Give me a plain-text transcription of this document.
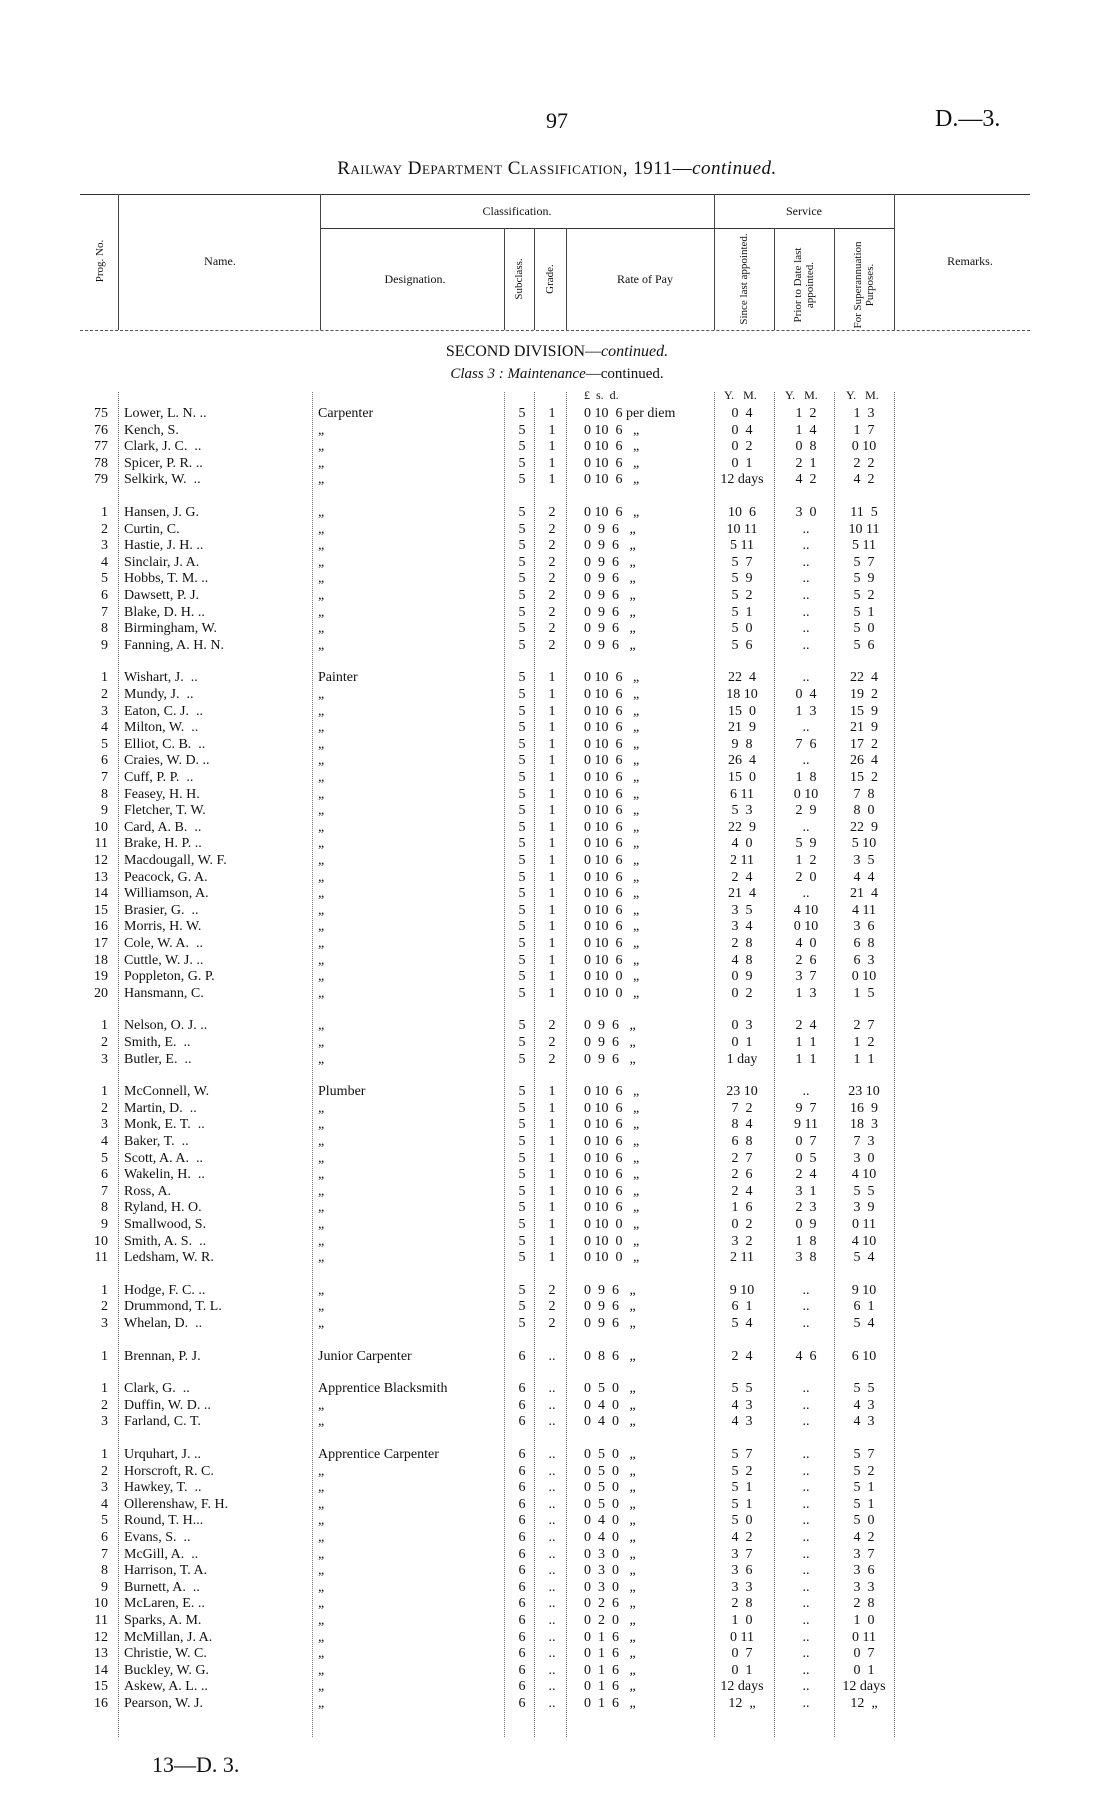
97	D.—3.
Railway Department Classification, 1911—continued.
Prog. No.	Name.
Classification.
Designation.	Subclass. Grade.	Rate of Pay
Service
Since last appointed.	Prior to Date last appointed.	For Superannuation Purposes.
Remarks.
SECOND DIVISION—continued.
Class 3 : Maintenance—continued.
£  s.  d.	Y.   M. Y.   M. Y.   M.
75 Lower, L. N. ..	Carpenter	5 1 0 10  6 per diem	0  4	1  2	1  3
76 Kench, S.	„	5 1 0 10  6   „	0  4	1  4	1  7
77 Clark, J. C.  ..	„	5 1 0 10  6   „	0  2	0  8	0 10
78 Spicer, P. R. ..	„	5 1 0 10  6   „	0  1	2  1	2  2
79 Selkirk, W.  ..	„	5 1 0 10  6   „	12 days	4  2	4  2
1 Hansen, J. G.	„	5 2 0 10  6   „	10  6	3  0	11  5
2 Curtin, C.	„	5 2 0  9  6   „	10 11	..	10 11
3 Hastie, J. H. ..	„	5 2 0  9  6   „	5 11	..	5 11
4 Sinclair, J. A.	„	5 2 0  9  6   „	5  7	..	5  7
5 Hobbs, T. M. ..	„	5 2 0  9  6   „	5  9	..	5  9
6 Dawsett, P. J.	„	5 2 0  9  6   „	5  2	..	5  2
7 Blake, D. H. ..	„	5 2 0  9  6   „	5  1	..	5  1
8 Birmingham, W.	„	5 2 0  9  6   „	5  0	..	5  0
9 Fanning, A. H. N.	„	5 2 0  9  6   „	5  6	..	5  6
1 Wishart, J.  ..	Painter	5 1 0 10  6   „	22  4	..	22  4
2 Mundy, J.  ..	„	5 1 0 10  6   „	18 10	0  4	19  2
3 Eaton, C. J.  ..	„	5 1 0 10  6   „	15  0	1  3	15  9
4 Milton, W.  ..	„	5 1 0 10  6   „	21  9	..	21  9
5 Elliot, C. B.  ..	„	5 1 0 10  6   „	9  8	7  6	17  2
6 Craies, W. D. ..	„	5 1 0 10  6   „	26  4	..	26  4
7 Cuff, P. P.  ..	„	5 1 0 10  6   „	15  0	1  8	15  2
8 Feasey, H. H.	„	5 1 0 10  6   „	6 11	0 10	7  8
9 Fletcher, T. W.	„	5 1 0 10  6   „	5  3	2  9	8  0
10 Card, A. B.  ..	„	5 1 0 10  6   „	22  9	..	22  9
11 Brake, H. P. ..	„	5 1 0 10  6   „	4  0	5  9	5 10
12 Macdougall, W. F.	„	5 1 0 10  6   „	2 11	1  2	3  5
13 Peacock, G. A.	„	5 1 0 10  6   „	2  4	2  0	4  4
14 Williamson, A.	„	5 1 0 10  6   „	21  4	..	21  4
15 Brasier, G.  ..	„	5 1 0 10  6   „	3  5	4 10	4 11
16 Morris, H. W.	„	5 1 0 10  6   „	3  4	0 10	3  6
17 Cole, W. A.  ..	„	5 1 0 10  6   „	2  8	4  0	6  8
18 Cuttle, W. J. ..	„	5 1 0 10  6   „	4  8	2  6	6  3
19 Poppleton, G. P.	„	5 1 0 10  0   „	0  9	3  7	0 10
20 Hansmann, C.	„	5 1 0 10  0   „	0  2	1  3	1  5
1 Nelson, O. J. ..	„	5 2 0  9  6   „	0  3	2  4	2  7
2 Smith, E.  ..	„	5 2 0  9  6   „	0  1	1  1	1  2
3 Butler, E.  ..	„	5 2 0  9  6   „	1 day	1  1	1  1
1 McConnell, W.	Plumber	5 1 0 10  6   „	23 10	..	23 10
2 Martin, D.  ..	„	5 1 0 10  6   „	7  2	9  7	16  9
3 Monk, E. T.  ..	„	5 1 0 10  6   „	8  4	9 11	18  3
4 Baker, T.  ..	„	5 1 0 10  6   „	6  8	0  7	7  3
5 Scott, A. A.  ..	„	5 1 0 10  6   „	2  7	0  5	3  0
6 Wakelin, H.  ..	„	5 1 0 10  6   „	2  6	2  4	4 10
7 Ross, A.	„	5 1 0 10  6   „	2  4	3  1	5  5
8 Ryland, H. O.	„	5 1 0 10  6   „	1  6	2  3	3  9
9 Smallwood, S.	„	5 1 0 10  0   „	0  2	0  9	0 11
10 Smith, A. S.  ..	„	5 1 0 10  0   „	3  2	1  8	4 10
11 Ledsham, W. R.	„	5 1 0 10  0   „	2 11	3  8	5  4
1 Hodge, F. C. ..	„	5 2 0  9  6   „	9 10	..	9 10
2 Drummond, T. L.	„	5 2 0  9  6   „	6  1	..	6  1
3 Whelan, D.  ..	„	5 2 0  9  6   „	5  4	..	5  4
1 Brennan, P. J.	Junior Carpenter	6 .. 0  8  6   „	2  4	4  6	6 10
1 Clark, G.  ..	Apprentice Blacksmith	6 .. 0  5  0   „	5  5	..	5  5
2 Duffin, W. D. ..	„	6 .. 0  4  0   „	4  3	..	4  3
3 Farland, C. T.	„	6 .. 0  4  0   „	4  3	..	4  3
1 Urquhart, J. ..	Apprentice Carpenter	6 .. 0  5  0   „	5  7	..	5  7
2 Horscroft, R. C.	„	6 .. 0  5  0   „	5  2	..	5  2
3 Hawkey, T.  ..	„	6 .. 0  5  0   „	5  1	..	5  1
4 Ollerenshaw, F. H.	„	6 .. 0  5  0   „	5  1	..	5  1
5 Round, T. H...	„	6 .. 0  4  0   „	5  0	..	5  0
6 Evans, S.  ..	„	6 .. 0  4  0   „	4  2	..	4  2
7 McGill, A.  ..	„	6 .. 0  3  0   „	3  7	..	3  7
8 Harrison, T. A.	„	6 .. 0  3  0   „	3  6	..	3  6
9 Burnett, A.  ..	„	6 .. 0  3  0   „	3  3	..	3  3
10 McLaren, E. ..	„	6 .. 0  2  6   „	2  8	..	2  8
11 Sparks, A. M.	„	6 .. 0  2  0   „	1  0	..	1  0
12 McMillan, J. A.	„	6 .. 0  1  6   „	0 11	..	0 11
13 Christie, W. C.	„	6 .. 0  1  6   „	0  7	..	0  7
14 Buckley, W. G.	„	6 .. 0  1  6   „	0  1	..	0  1
15 Askew, A. L. ..	„	6 .. 0  1  6   „	12 days	..	12 days
16 Pearson, W. J.	„	6 .. 0  1  6   „	12  „	..	12  „
13—D. 3.
